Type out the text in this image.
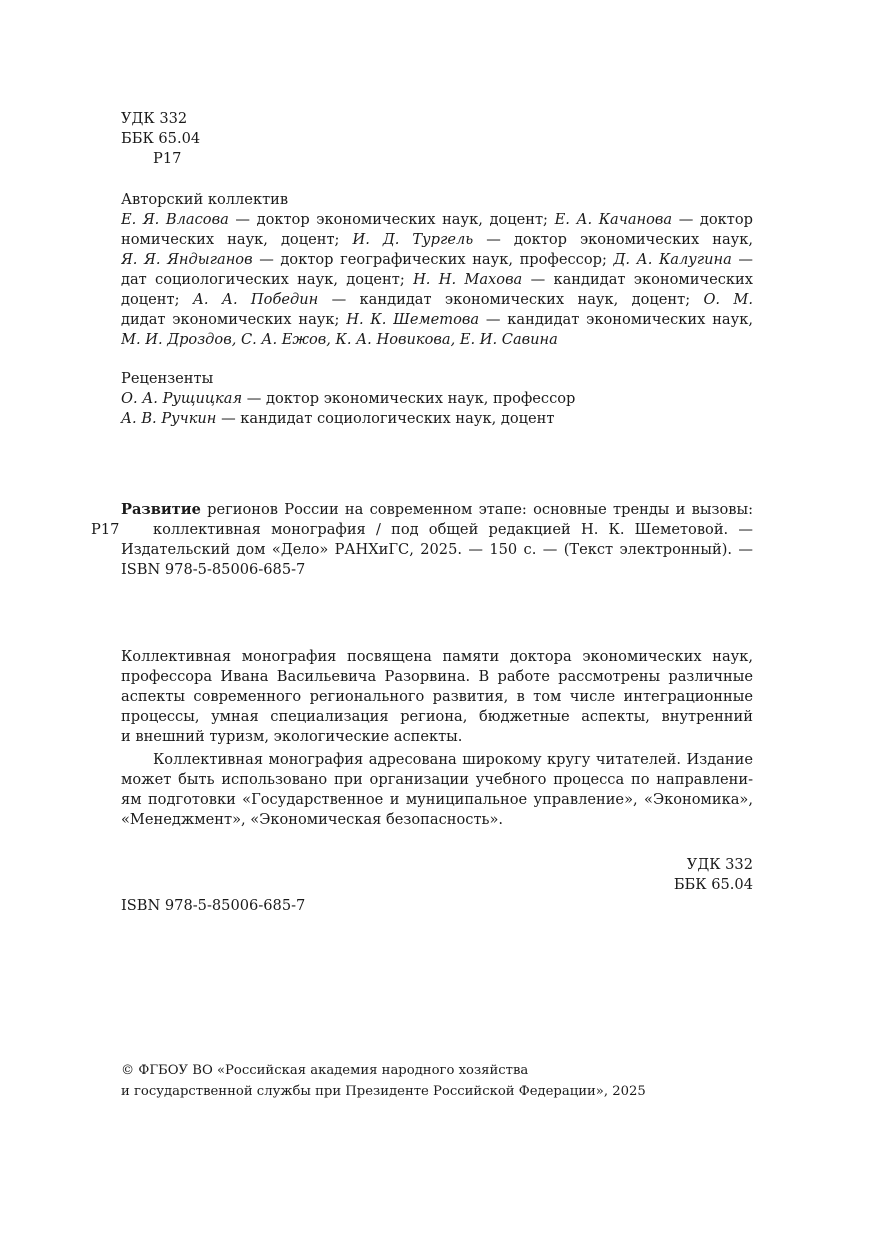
УДК 332
ББК 65.04
Р17
Авторский коллектив
Е. Я. Власова — доктор экономических наук, доцент; Е. А. Качанова — доктор
номических наук, доцент; И. Д. Тургель — доктор экономических наук,
Я. Я. Яндыганов — доктор географических наук, профессор; Д. А. Калугина —
дат социологических наук, доцент; Н. Н. Махова — кандидат экономических
доцент; А. А. Победин — кандидат экономических наук, доцент; О. М.
дидат экономических наук; Н. К. Шеметова — кандидат экономических наук,
М. И. Дроздов, С. А. Ежов, К. А. Новикова, Е. И. Савина
Рецензенты
О. А. Рущицкая — доктор экономических наук, профессор
А. В. Ручкин — кандидат социологических наук, доцент
Р17
Развитие регионов России на современном этапе: основные тренды и вызовы:
коллективная монография / под общей редакцией Н. К. Шеметовой. —
Издательский дом «Дело» РАНХиГС, 2025. — 150 с. — (Текст электронный). —
ISBN 978-5-85006-685-7
Коллективная монография посвящена памяти доктора экономических наук,
профессора Ивана Васильевича Разорвина. В работе рассмотрены различные
аспекты современного регионального развития, в том числе интеграционные
процессы, умная специализация региона, бюджетные аспекты, внутренний
и внешний туризм, экологические аспекты.
Коллективная монография адресована широкому кругу читателей. Издание
может быть использовано при организации учебного процесса по направлени-
ям подготовки «Государственное и муниципальное управление», «Экономика»,
«Менеджмент», «Экономическая безопасность».
УДК 332
ББК 65.04
ISBN 978-5-85006-685-7
© ФГБОУ ВО «Российская академия народного хозяйства
и государственной службы при Президенте Российской Федерации», 2025
